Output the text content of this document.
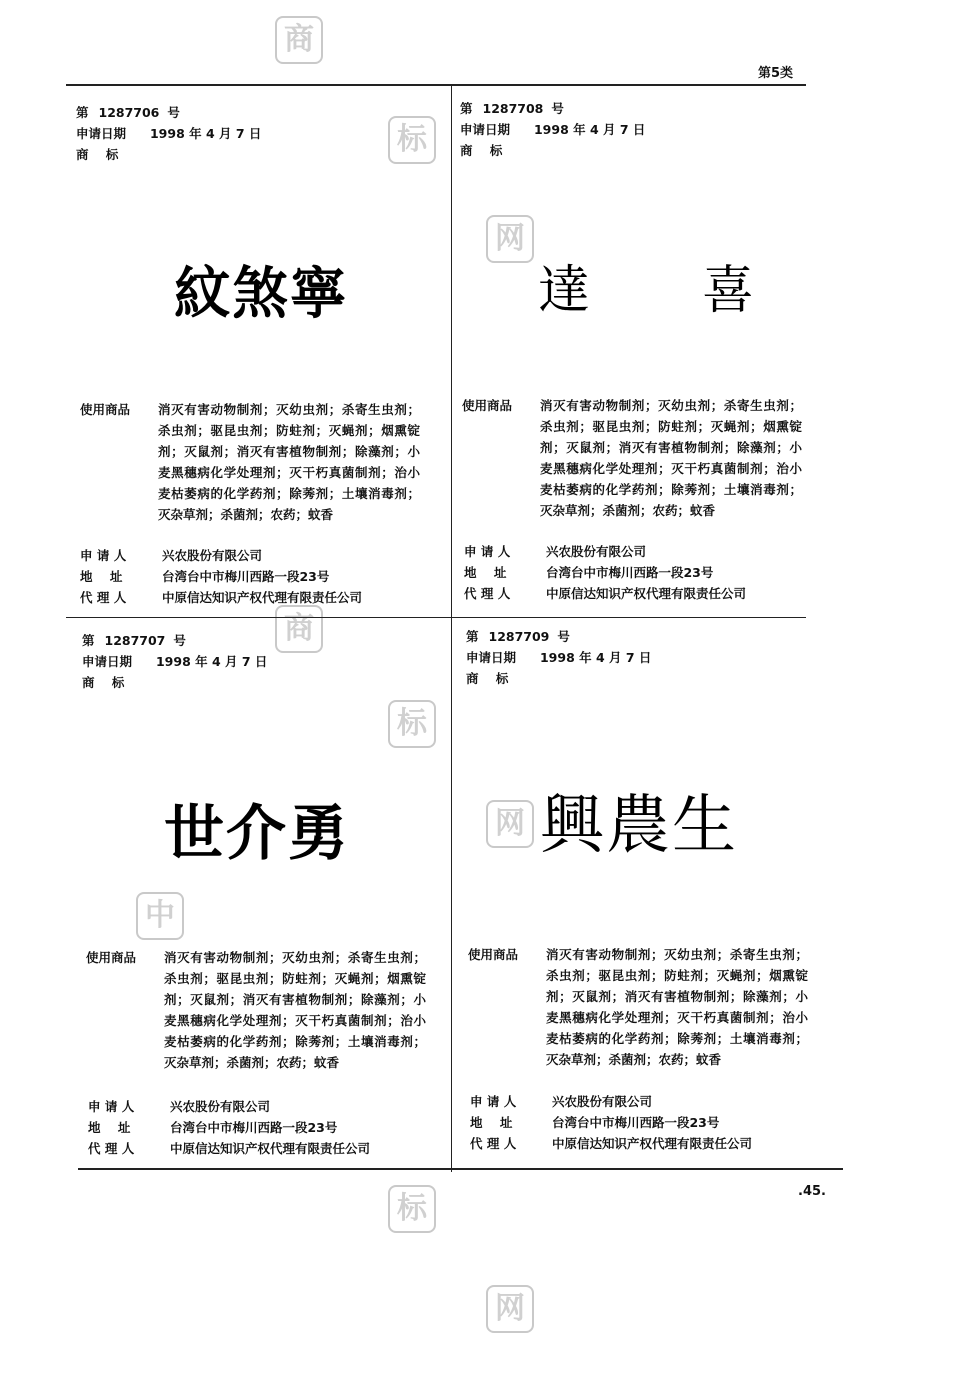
商
标
网
商
标
网
中
标
网
第5类
.45.
第 1287706 号
申请日期 1998 年 4 月 7 日
商    标
紋煞寧
使用商品	消灭有害动物制剂；灭幼虫剂；杀寄生虫剂；杀虫剂；驱昆虫剂；防蛀剂；灭蝇剂；烟熏锭剂；灭鼠剂；消灭有害植物制剂；除藻剂；小麦黑穗病化学处理剂；灭干朽真菌制剂；治小麦枯萎病的化学药剂；除莠剂；土壤消毒剂；灭杂草剂；杀菌剂；农药；蚊香
申 请 人	兴农股份有限公司
地    址	台湾台中市梅川西路一段23号
代 理 人	中原信达知识产权代理有限责任公司
第 1287708 号
申请日期 1998 年 4 月 7 日
商    标
達　喜
使用商品	消灭有害动物制剂；灭幼虫剂；杀寄生虫剂；杀虫剂；驱昆虫剂；防蛀剂；灭蝇剂；烟熏锭剂；灭鼠剂；消灭有害植物制剂；除藻剂；小麦黑穗病化学处理剂；灭干朽真菌制剂；治小麦枯萎病的化学药剂；除莠剂；土壤消毒剂；灭杂草剂；杀菌剂；农药；蚊香
申 请 人	兴农股份有限公司
地    址	台湾台中市梅川西路一段23号
代 理 人	中原信达知识产权代理有限责任公司
第 1287707 号
申请日期 1998 年 4 月 7 日
商    标
世介勇
使用商品	消灭有害动物制剂；灭幼虫剂；杀寄生虫剂；杀虫剂；驱昆虫剂；防蛀剂；灭蝇剂；烟熏锭剂；灭鼠剂；消灭有害植物制剂；除藻剂；小麦黑穗病化学处理剂；灭干朽真菌制剂；治小麦枯萎病的化学药剂；除莠剂；土壤消毒剂；灭杂草剂；杀菌剂；农药；蚊香
申 请 人	兴农股份有限公司
地    址	台湾台中市梅川西路一段23号
代 理 人	中原信达知识产权代理有限责任公司
第 1287709 号
申请日期 1998 年 4 月 7 日
商    标
興農生
使用商品	消灭有害动物制剂；灭幼虫剂；杀寄生虫剂；杀虫剂；驱昆虫剂；防蛀剂；灭蝇剂；烟熏锭剂；灭鼠剂；消灭有害植物制剂；除藻剂；小麦黑穗病化学处理剂；灭干朽真菌制剂；治小麦枯萎病的化学药剂；除莠剂；土壤消毒剂；灭杂草剂；杀菌剂；农药；蚊香
申 请 人	兴农股份有限公司
地    址	台湾台中市梅川西路一段23号
代 理 人	中原信达知识产权代理有限责任公司
